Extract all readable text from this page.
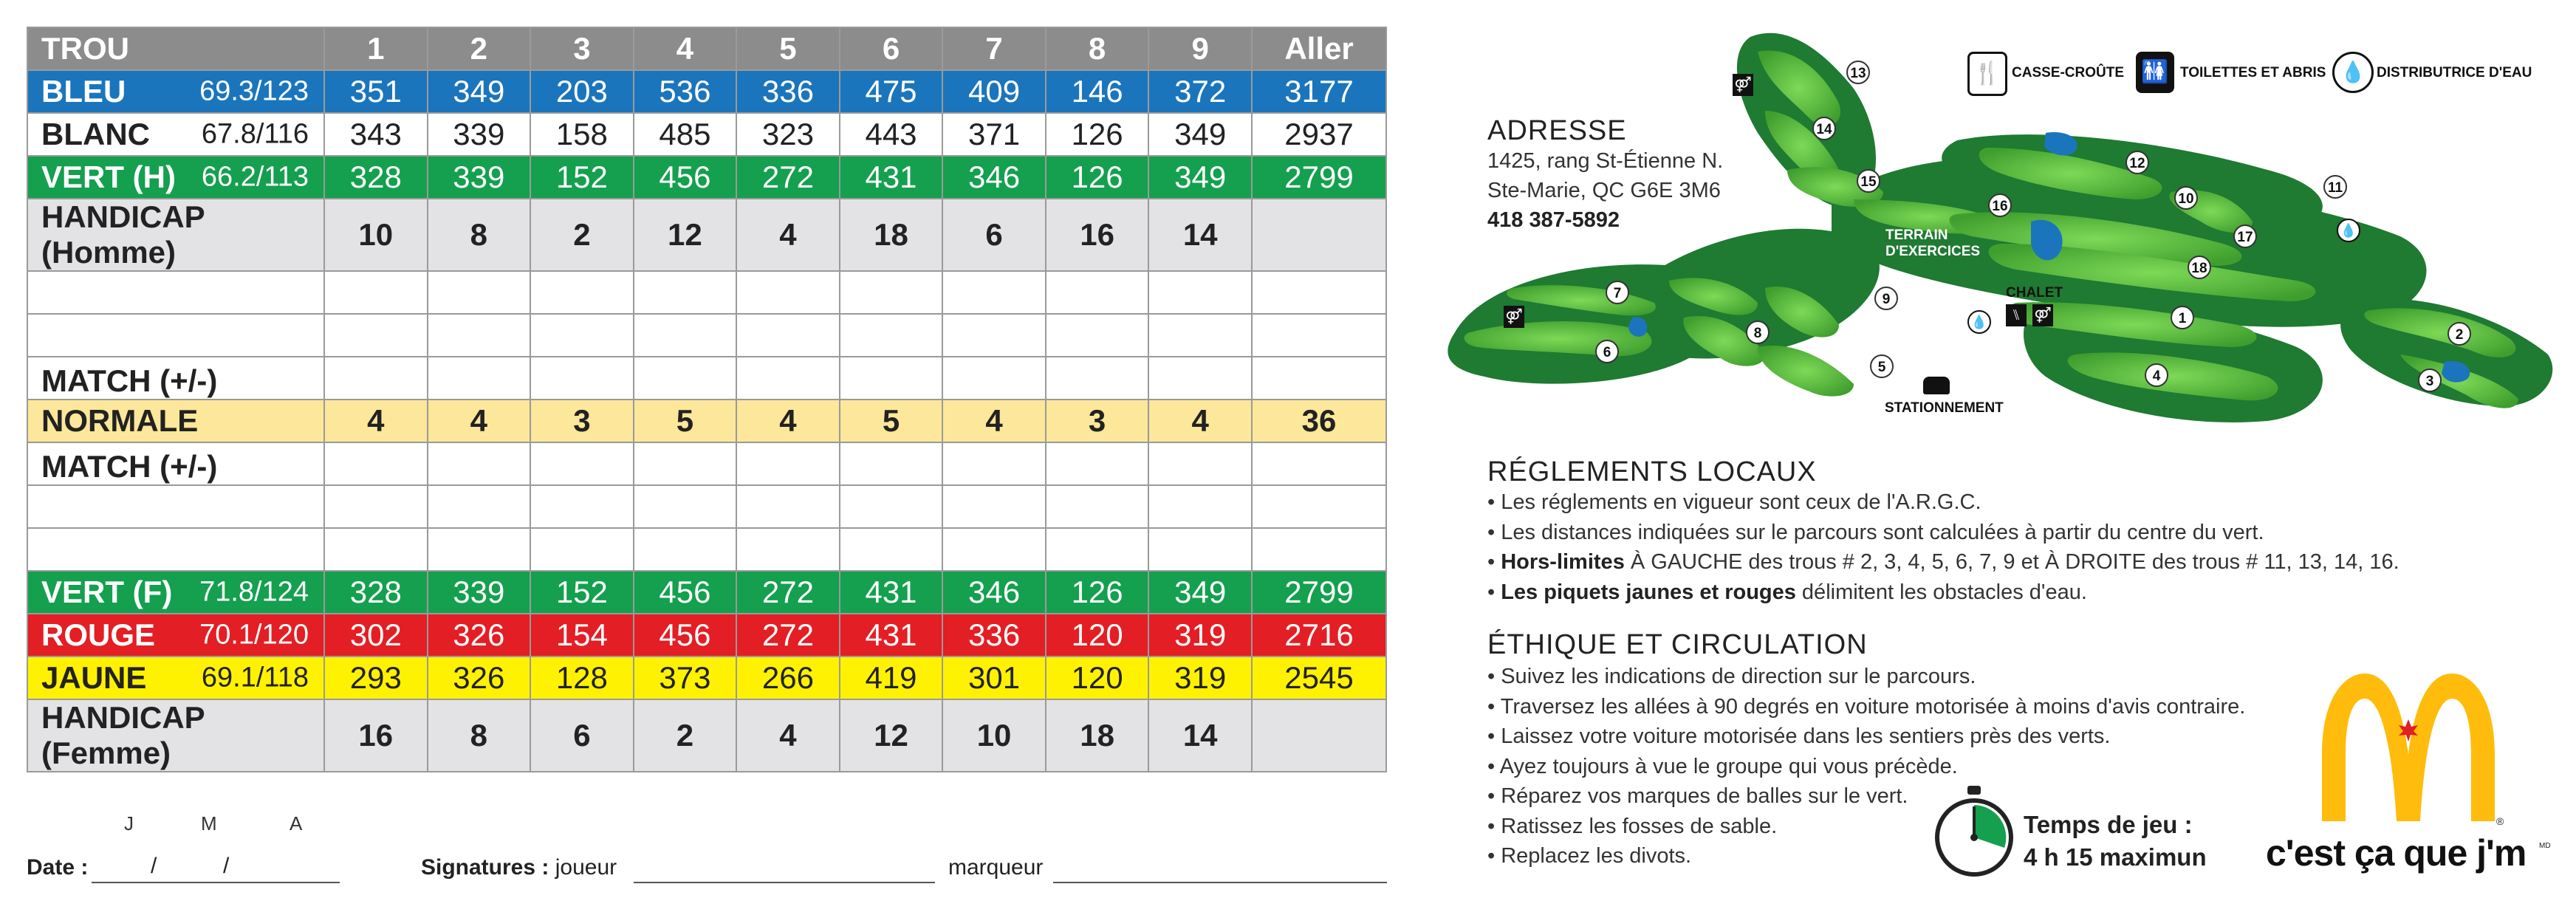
TROU	1	2	3	4	5	6	7	8	9	Aller
BLEU 69.3/123	351	349	203	536	336	475	409	146	372	3177
BLANC 67.8/116	343	339	158	485	323	443	371	126	349	2937
VERT (H) 66.2/113	328	339	152	456	272	431	346	126	349	2799
HANDICAP (Homme)	10	8	2	12	4	18	6	16	14	

MATCH (+/-)										
NORMALE	4	4	3	5	4	5	4	3	4	36
MATCH (+/-)										

VERT (F) 71.8/124	328	339	152	456	272	431	346	126	349	2799
ROUGE 70.1/120	302	326	154	456	272	431	336	120	319	2716
JAUNE 69.1/118	293	326	128	373	266	419	301	120	319	2545
HANDICAP (Femme)	16	8	6	2	4	12	10	18	14	
J	M	A
Date :	/	/	Signatures : joueur	marqueur
1
2
3
4
5
6
7
8
9
10
11
12
13
14
15
16
17
18
TERRAIN D'EXERCICES
CHALET
STATIONNEMENT
⚤
⚤	⑊ ⚤
💧
💧
🍴 CASSE-CROÛTE 🚻 TOILETTES ET ABRIS 💧 DISTRIBUTRICE D'EAU
ADRESSE
1425, rang St-Étienne N.
Ste-Marie, QC G6E 3M6
418 387-5892
RÉGLEMENTS LOCAUX
• Les réglements en vigueur sont ceux de l'A.R.G.C.
• Les distances indiquées sur le parcours sont calculées à partir du centre du vert.
• Hors-limites À GAUCHE des trous # 2, 3, 4, 5, 6, 7, 9 et À DROITE des trous # 11, 13, 14, 16.
• Les piquets jaunes et rouges délimitent les obstacles d'eau.
ÉTHIQUE ET CIRCULATION
• Suivez les indications de direction sur le parcours.
• Traversez les allées à 90 degrés en voiture motorisée à moins d'avis contraire.
• Laissez votre voiture motorisée dans les sentiers près des verts.
• Ayez toujours à vue le groupe qui vous précède.
• Réparez vos marques de balles sur le vert.
• Ratissez les fosses de sable.
• Replacez les divots.
Temps de jeu :
4 h 15 maximun
®
c'est ça que j'm MD
